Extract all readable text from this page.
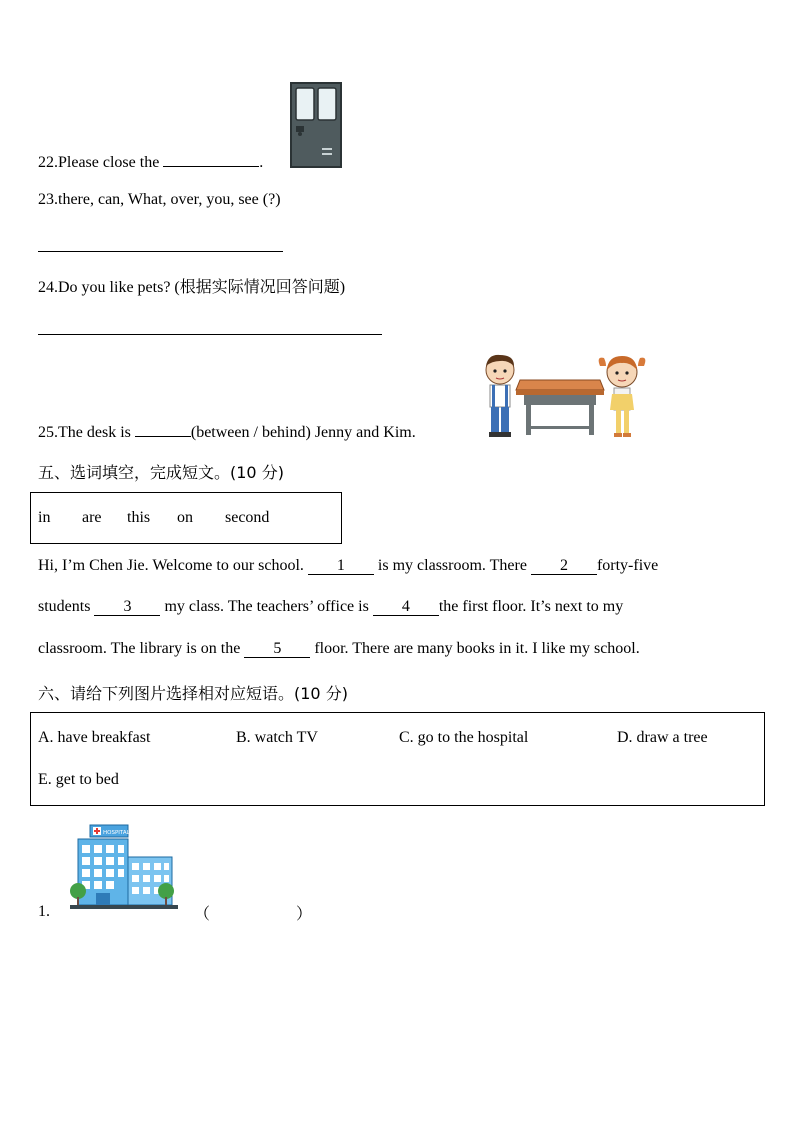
22.Please close the	.
23.there, can, What, over, you, see (?)
24.Do you like pets? (根据实际情况回答问题)
25.The desk is	(between / behind) Jenny and Kim.
五、选词填空，完成短文。(10 分)
in are this on second
Hi, I’m Chen Jie. Welcome to our school. 1 is my classroom. There 2 forty-five
students 3 my class. The teachers’ office is 4 the first floor. It’s next to my
classroom. The library is on the 5 floor. There are many books in it. I like my school.
六、请给下列图片选择相对应短语。(10 分)
A. have breakfast	B. watch TV	C. go to the hospital	D. draw a tree
E. get to bed
HOSPITAL
1.	（	）
